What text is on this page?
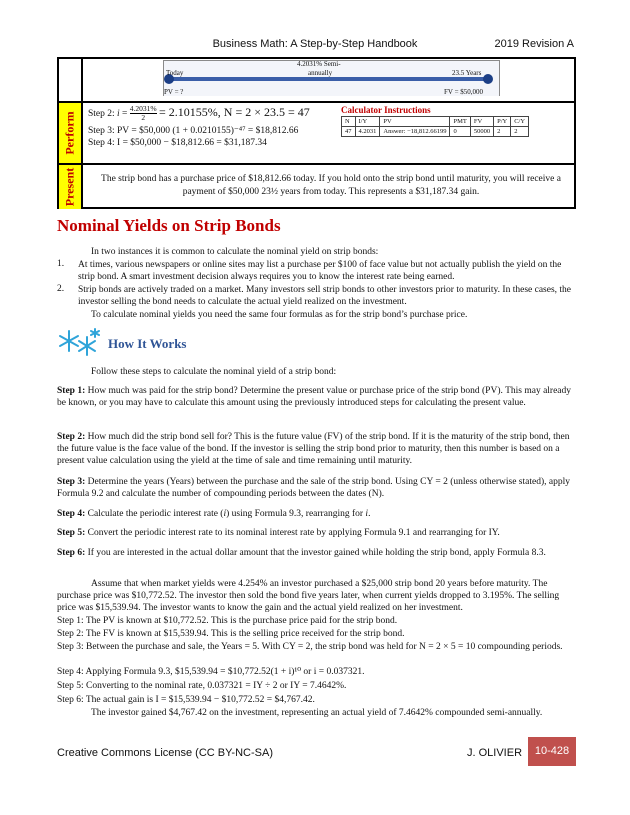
Business Math: A Step-by-Step Handbook	2019 Revision A
4.2031% Semi-
annually
Today	23.5 Years
PV = ?	FV = $50,000
Perform Step 2: $i = \frac{4.2031\%}{2} = 2.10155\%$, N = 2 × 23.5 = 47
Step 3: PV = $50,000 (1 + 0.0210155)⁻⁴⁷ = $18,812.66
Step 4: I = $50,000 − $18,812.66 = $31,187.34
Calculator Instructions
N	I/Y	PV	PMT	FV	P/Y	C/Y
47	4.2031	Answer: −18,812.66199	0	50000	2	2
Present	The strip bond has a purchase price of $18,812.66 today. If you hold onto the strip bond until maturity, you will receive a payment of $50,000 23½ years from today. This represents a $31,187.34 gain.
Nominal Yields on Strip Bonds
In two instances it is common to calculate the nominal yield on strip bonds:
1. At times, various newspapers or online sites may list a purchase per $100 of face value but not actually publish the yield on the strip bond. A smart investment decision always requires you to know the interest rate being earned.
2. Strip bonds are actively traded on a market. Many investors sell strip bonds to other investors prior to maturity. In these cases, the investor selling the bond needs to calculate the actual yield realized on the investment.
To calculate nominal yields you need the same four formulas as for the strip bond’s purchase price.
How It Works
Follow these steps to calculate the nominal yield of a strip bond:
Step 1: How much was paid for the strip bond? Determine the present value or purchase price of the strip bond (PV). This may already be known, or you may have to calculate this amount using the previously introduced steps for calculating the present value.
Step 2: How much did the strip bond sell for? This is the future value (FV) of the strip bond. If it is the maturity of the strip bond, then the future value is the face value of the bond. If the investor is selling the strip bond prior to maturity, then this number is based on a present value calculation using the yield at the time of sale and time remaining until maturity.
Step 3: Determine the years (Years) between the purchase and the sale of the strip bond. Using CY = 2 (unless otherwise stated), apply Formula 9.2 and calculate the number of compounding periods between the dates (N).
Step 4: Calculate the periodic interest rate (i) using Formula 9.3, rearranging for i.
Step 5: Convert the periodic interest rate to its nominal interest rate by applying Formula 9.1 and rearranging for IY.
Step 6: If you are interested in the actual dollar amount that the investor gained while holding the strip bond, apply Formula 8.3.
Assume that when market yields were 4.254% an investor purchased a $25,000 strip bond 20 years before maturity. The purchase price was $10,772.52. The investor then sold the bond five years later, when current yields dropped to 3.195%. The selling price was $15,539.94. The investor wants to know the gain and the actual yield realized on her investment.
Step 1: The PV is known at $10,772.52. This is the purchase price paid for the strip bond.
Step 2: The FV is known at $15,539.94. This is the selling price received for the strip bond.
Step 3: Between the purchase and sale, the Years = 5. With CY = 2, the strip bond was held for N = 2 × 5 = 10 compounding periods.
Step 4: Applying Formula 9.3, $15,539.94 = $10,772.52(1 + i)¹⁰ or i = 0.037321.
Step 5: Converting to the nominal rate, 0.037321 = IY ÷ 2 or IY = 7.4642%.
Step 6: The actual gain is I = $15,539.94 − $10,772.52 = $4,767.42.
The investor gained $4,767.42 on the investment, representing an actual yield of 7.4642% compounded semi-annually.
Creative Commons License (CC BY-NC-SA)	J. OLIVIER	10-428
